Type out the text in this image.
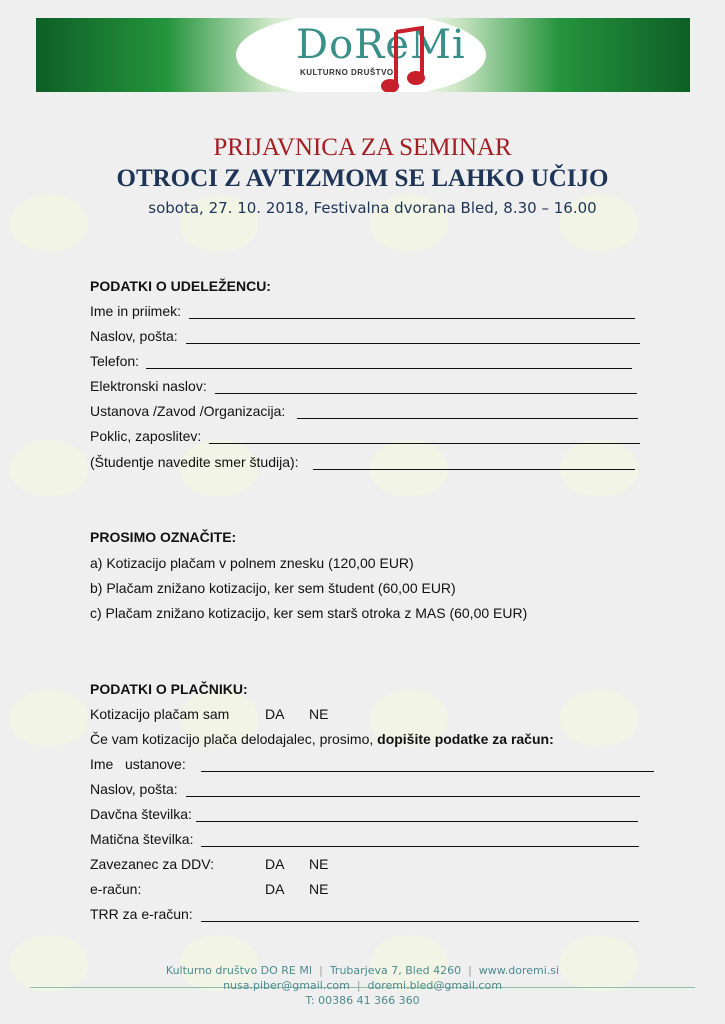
DoReMi
KULTURNO DRUŠTVO
PRIJAVNICA ZA SEMINAR
OTROCI Z AVTIZMOM SE LAHKO UČIJO
sobota, 27. 10. 2018, Festivalna dvorana Bled, 8.30 – 16.00
PODATKI O UDELEŽENCU:
Ime in priimek:
Naslov, pošta:
Telefon:
Elektronski naslov:
Ustanova /Zavod /Organizacija:
Poklic, zaposlitev:
(Študentje navedite smer študija):
PROSIMO OZNAČITE:
a) Kotizacijo plačam v polnem znesku (120,00 EUR)
b) Plačam znižano kotizacijo, ker sem študent (60,00 EUR)
c) Plačam znižano kotizacijo, ker sem starš otroka z MAS (60,00 EUR)
PODATKI O PLAČNIKU:
Kotizacijo plačam sam	DA NE
Če vam kotizacijo plača delodajalec, prosimo, dopišite podatke za račun:
Ime   ustanove:
Naslov, pošta:
Davčna številka:
Matična številka:
Zavezanec za DDV:	DA NE
e-račun:	DA NE
TRR za e-račun:
Kulturno društvo DO RE MI  |  Trubarjeva 7, Bled 4260  |  www.doremi.si
nusa.piber@gmail.com  |  doremi.bled@gmail.com
T: 00386 41 366 360
